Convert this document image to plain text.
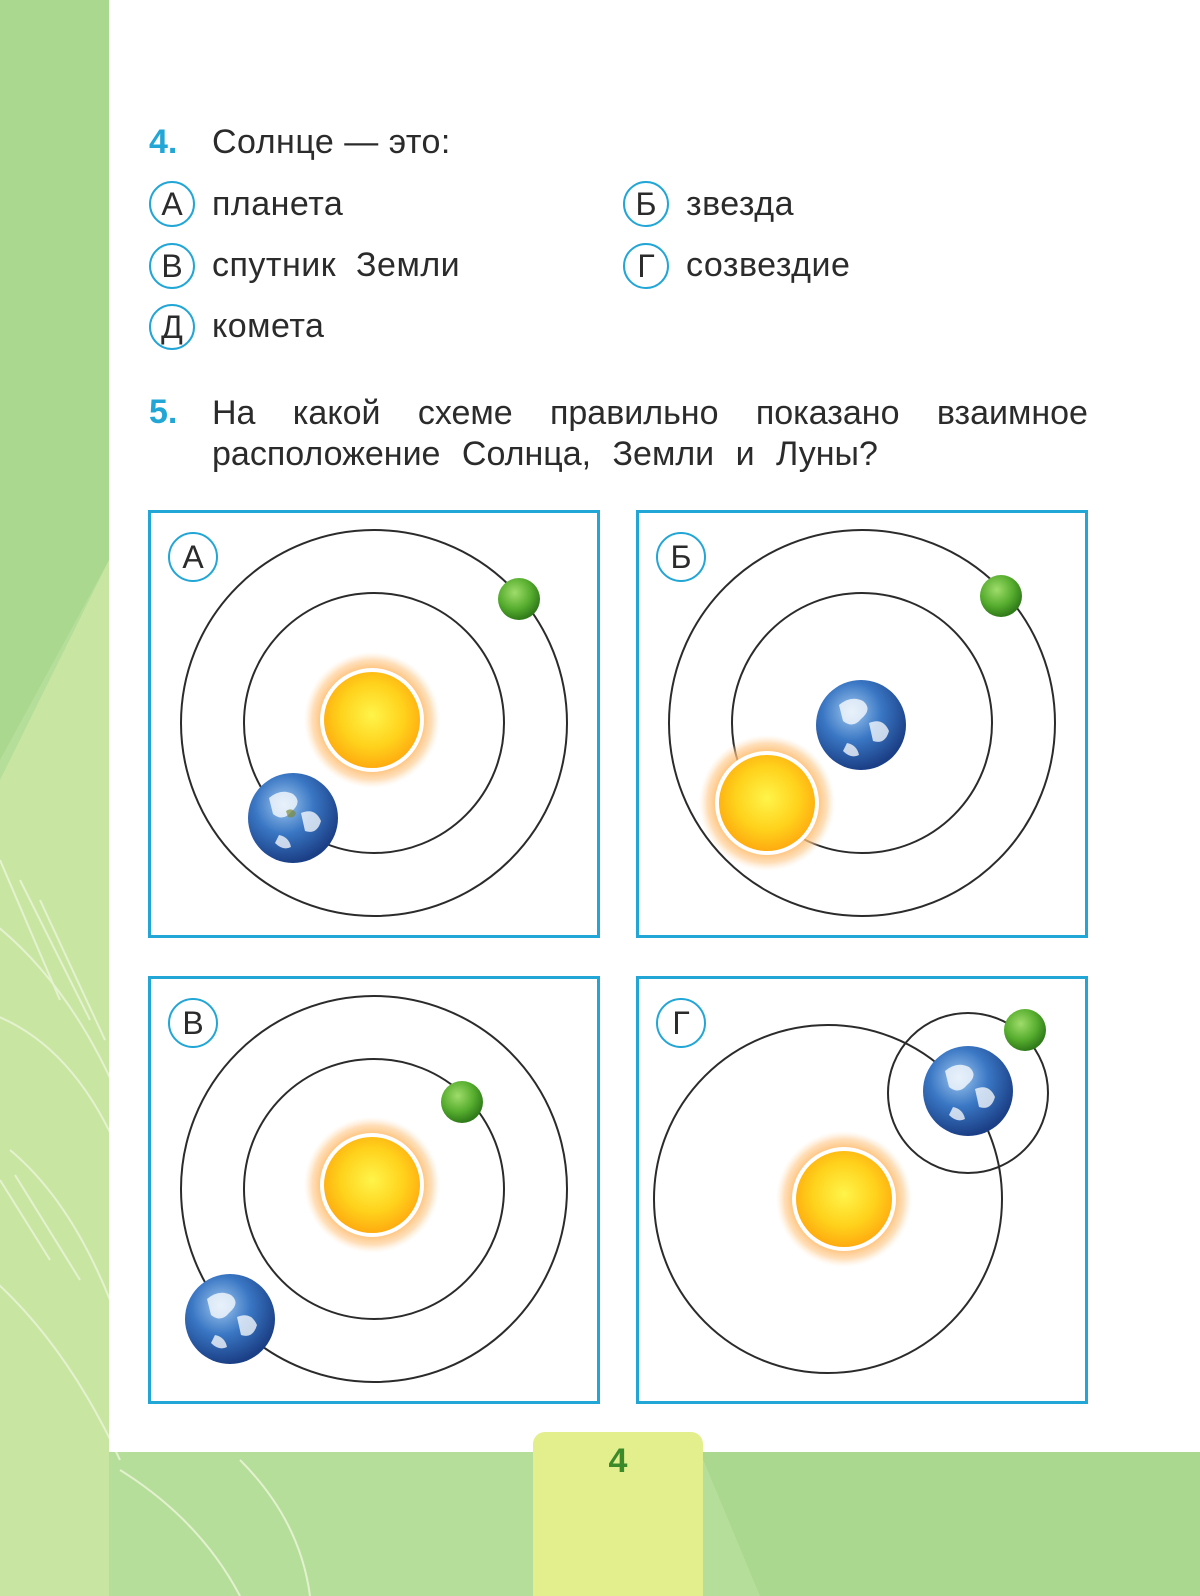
4. Солнце — это:
А планета	Б звезда
В спутник  Земли	Г созвездие
Д комета
5. На какой схеме правильно показано взаимное
расположение Солнца, Земли и Луны?
А	Б
В	Г
4
